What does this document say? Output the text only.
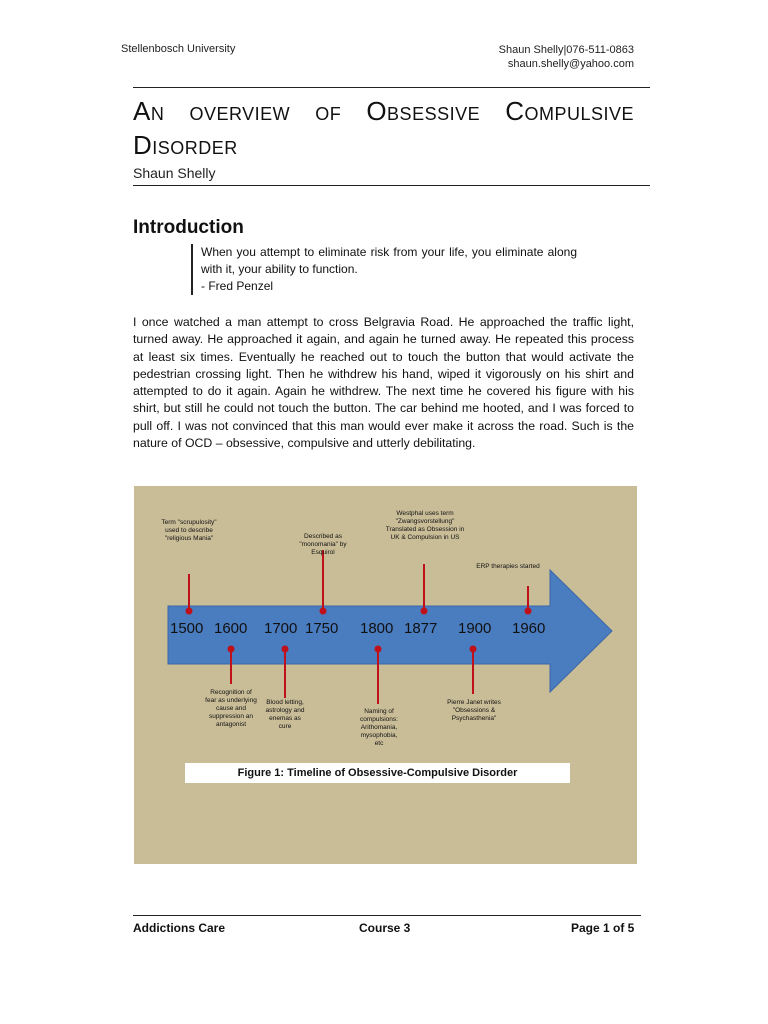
Stellenbosch University	Shaun Shelly|076-511-0863
shaun.shelly@yahoo.com
An overview of Obsessive Compulsive
Disorder
Shaun Shelly
Introduction
When you attempt to eliminate risk from your life, you eliminate along with it, your ability to function.
- Fred Penzel
I once watched a man attempt to cross Belgravia Road. He approached the traffic light, turned away. He approached it again, and again he turned away. He repeated this process at least six times. Eventually he reached out to touch the button that would activate the pedestrian crossing light. Then he withdrew his hand, wiped it vigorously on his shirt and attempted to do it again. Again he withdrew. The next time he covered his figure with his shirt, but still he could not touch the button. The car behind me hooted, and I was forced to pull off. I was not convinced that this man would ever make it across the road. Such is the nature of OCD – obsessive, compulsive and utterly debilitating.
1500 1600 1700 1750 1800 1877 1900 1960
Term "scrupulosity" used to describe "religious Mania"	Described as "monomania" by Esquirol
Westphal uses term "Zwangsvorstellung" Translated as Obsession in UK & Compulsion in US
ERP therapies started
Recognition of fear as underlying cause and suppression an antagonist
Blood letting, astrology and enemas as cure
Naming of compulsions: Arithomania, mysophobia, etc
Pierre Janet writes "Obsessions & Psychasthenia"
Figure 1: Timeline of Obsessive-Compulsive Disorder
Addictions Care	Course 3	Page 1 of 5
